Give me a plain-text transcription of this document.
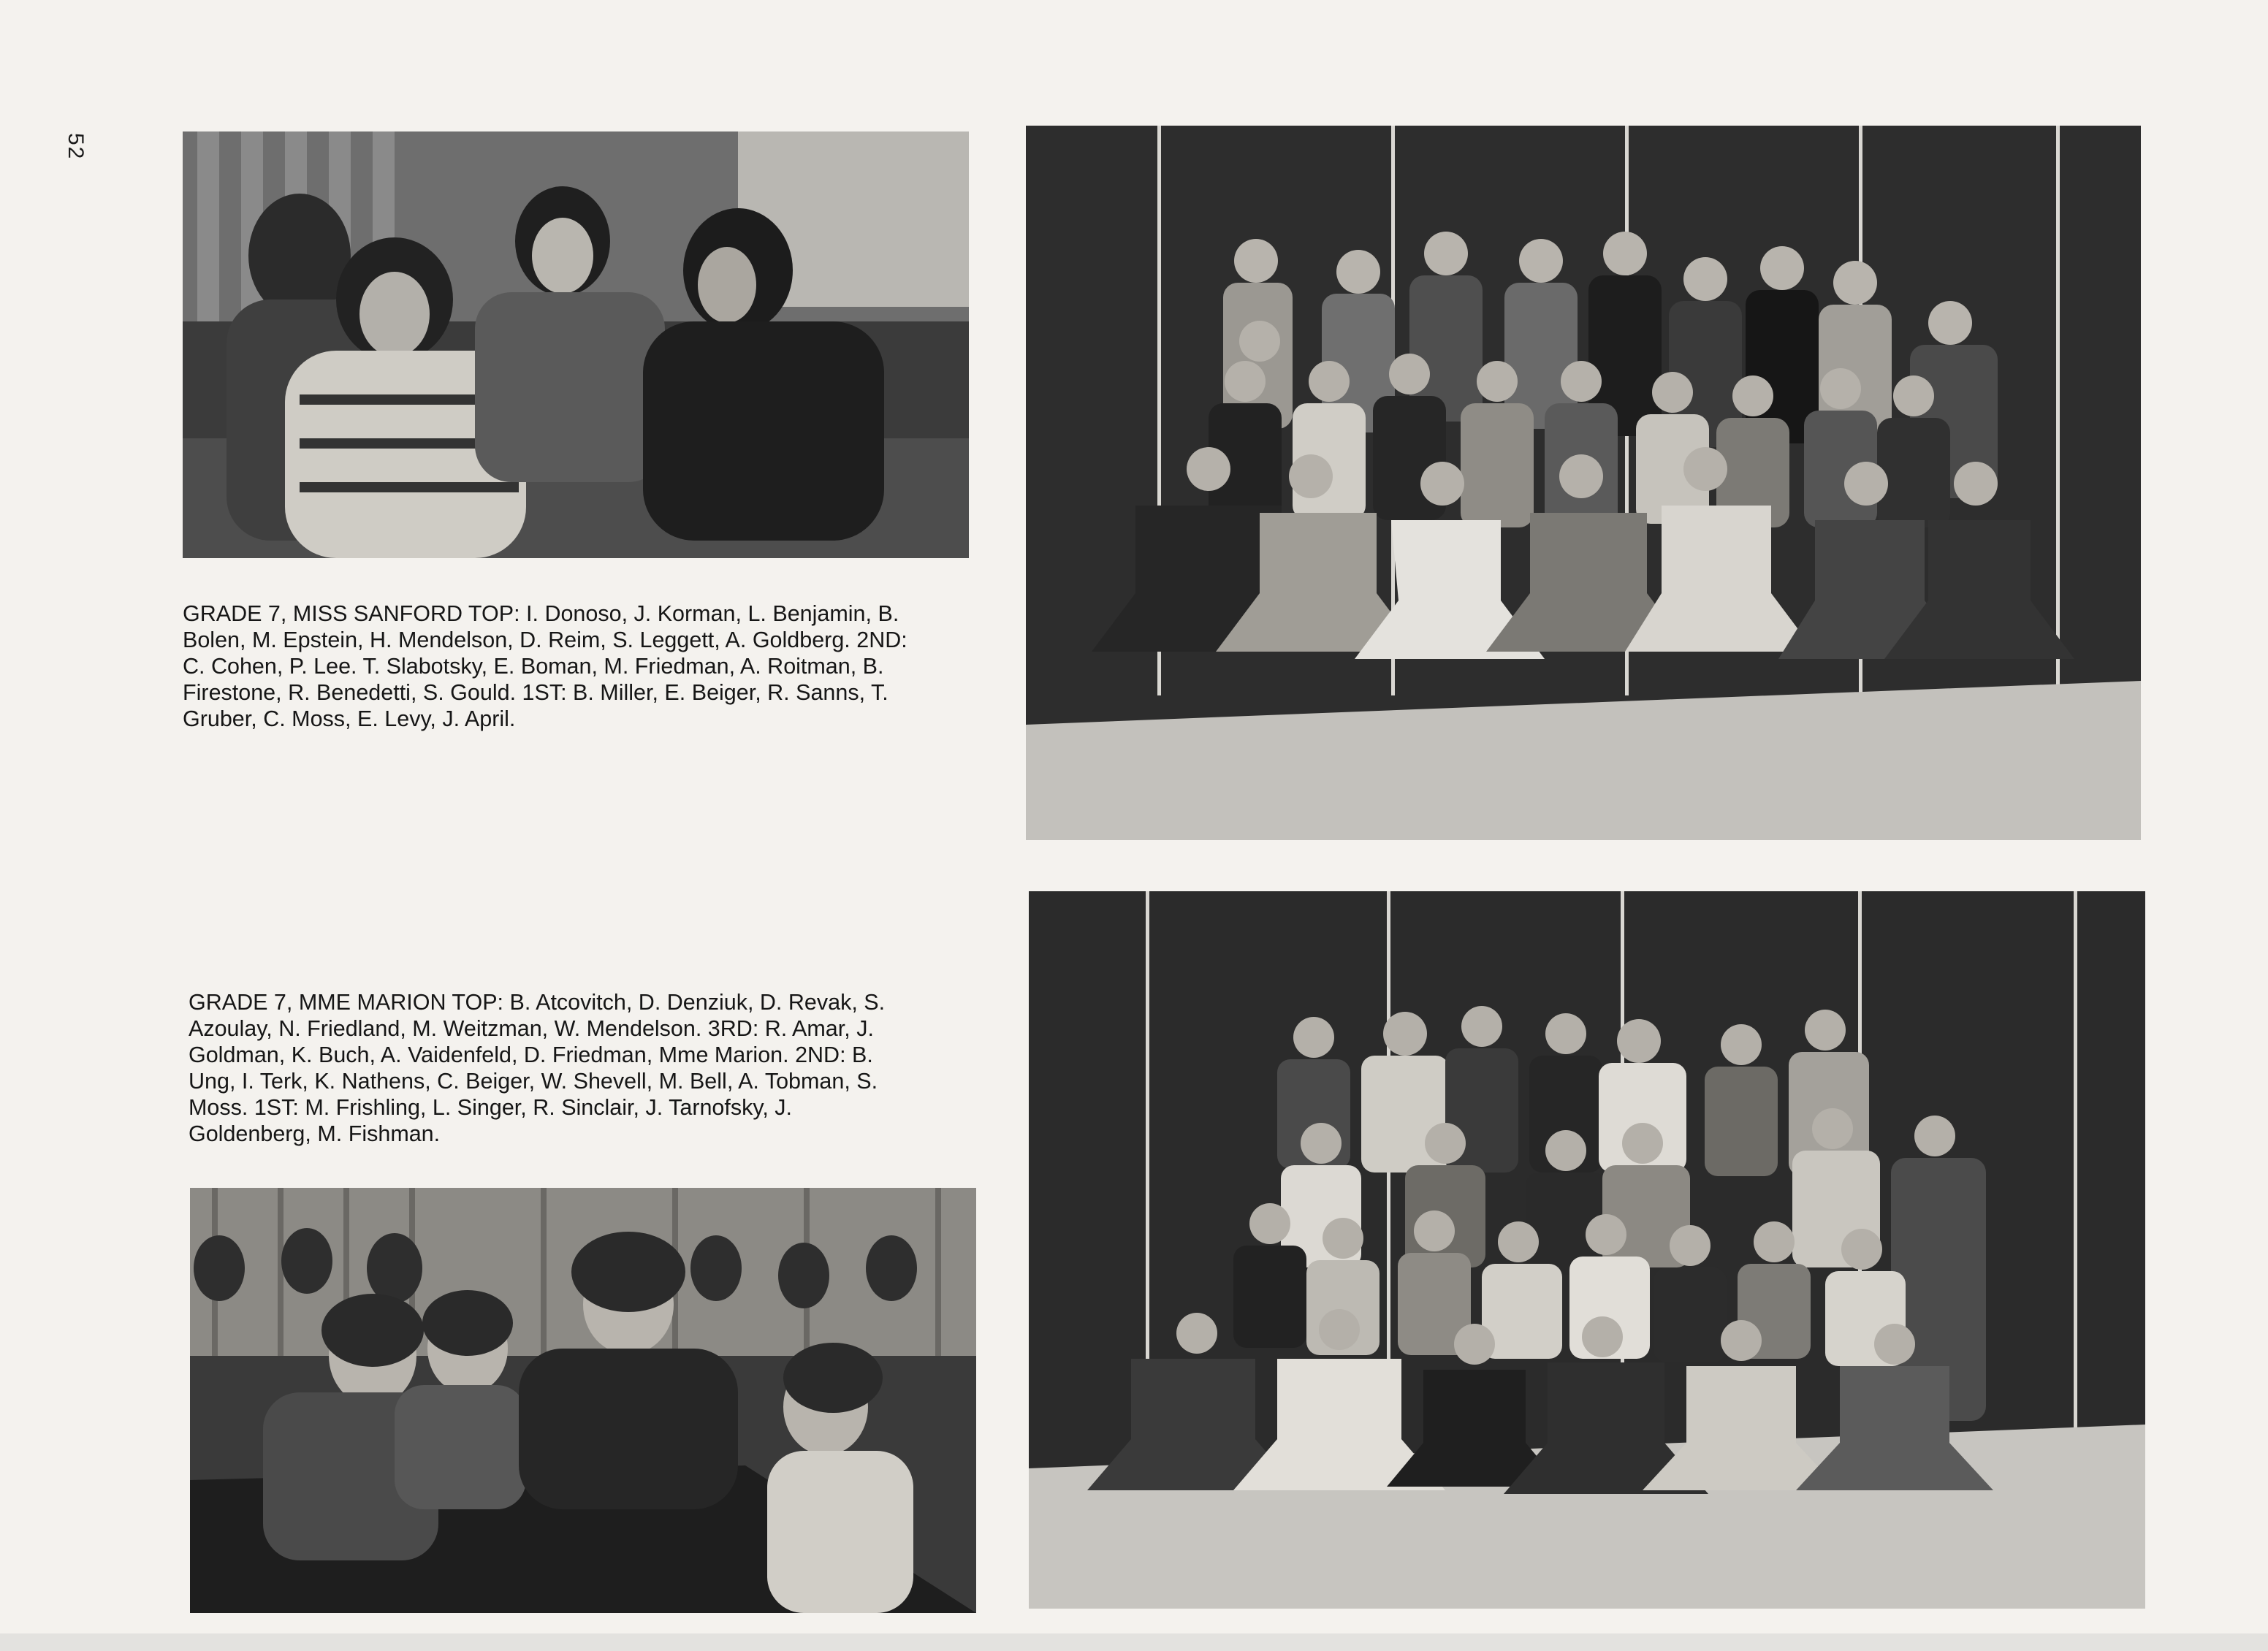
52
GRADE 7, MISS SANFORD TOP: I. Donoso, J. Korman, L. Benjamin, B.
Bolen, M. Epstein, H. Mendelson, D. Reim, S. Leggett, A. Goldberg. 2ND:
C. Cohen, P. Lee. T. Slabotsky, E. Boman, M. Friedman, A. Roitman, B.
Firestone, R. Benedetti, S. Gould. 1ST: B. Miller, E. Beiger, R. Sanns, T.
Gruber, C. Moss, E. Levy, J. April.
GRADE 7, MME MARION TOP: B. Atcovitch, D. Denziuk, D. Revak, S.
Azoulay, N. Friedland, M. Weitzman, W. Mendelson. 3RD: R. Amar, J.
Goldman, K. Buch, A. Vaidenfeld, D. Friedman, Mme Marion. 2ND: B.
Ung, I. Terk, K. Nathens, C. Beiger, W. Shevell, M. Bell, A. Tobman, S.
Moss. 1ST: M. Frishling, L. Singer, R. Sinclair, J. Tarnofsky, J.
Goldenberg, M. Fishman.
